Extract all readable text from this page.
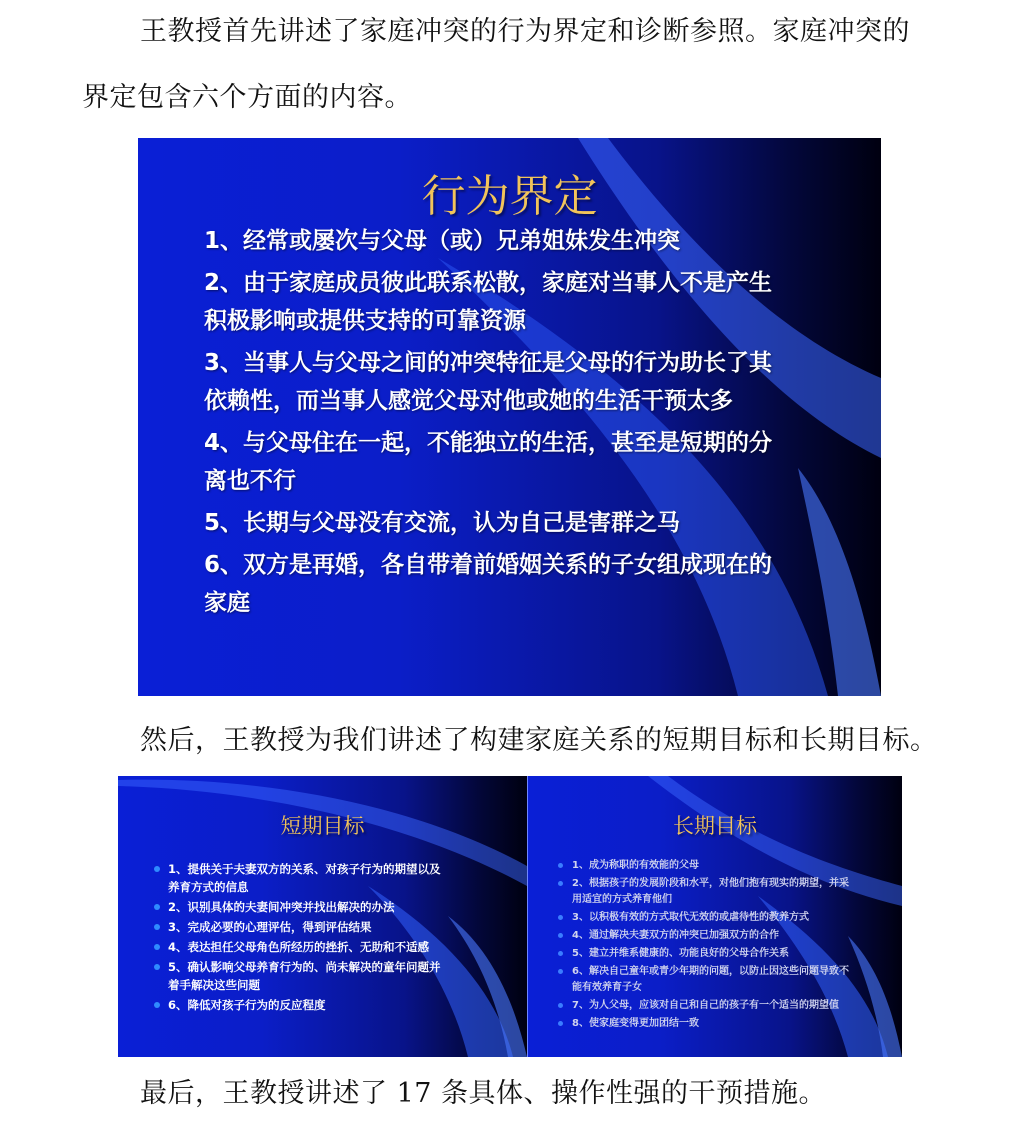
王教授首先讲述了家庭冲突的行为界定和诊断参照。家庭冲突的

界定包含六个方面的内容。

行为界定
1、经常或屡次与父母（或）兄弟姐妹发生冲突
2、由于家庭成员彼此联系松散，家庭对当事人不是产生
积极影响或提供支持的可靠资源
3、当事人与父母之间的冲突特征是父母的行为助长了其
依赖性，而当事人感觉父母对他或她的生活干预太多
4、与父母住在一起，不能独立的生活，甚至是短期的分
离也不行
5、长期与父母没有交流，认为自己是害群之马
6、双方是再婚，各自带着前婚姻关系的子女组成现在的
家庭

然后，王教授为我们讲述了构建家庭关系的短期目标和长期目标。

短期目标
1、提供关于夫妻双方的关系、对孩子行为的期望以及
养育方式的信息
2、识别具体的夫妻间冲突并找出解决的办法
3、完成必要的心理评估，得到评估结果
4、表达担任父母角色所经历的挫折、无助和不适感
5、确认影响父母养育行为的、尚未解决的童年问题并
着手解决这些问题
6、降低对孩子行为的反应程度
长期目标
1、成为称职的有效能的父母
2、根据孩子的发展阶段和水平，对他们抱有现实的期望，并采
用适宜的方式养育他们
3、以积极有效的方式取代无效的或虐待性的教养方式
4、通过解决夫妻双方的冲突已加强双方的合作
5、建立并维系健康的、功能良好的父母合作关系
6、解决自己童年或青少年期的问题，以防止因这些问题导致不
能有效养育子女
7、为人父母，应该对自己和自己的孩子有一个适当的期望值
8、使家庭变得更加团结一致

最后，王教授讲述了 17 条具体、操作性强的干预措施。
